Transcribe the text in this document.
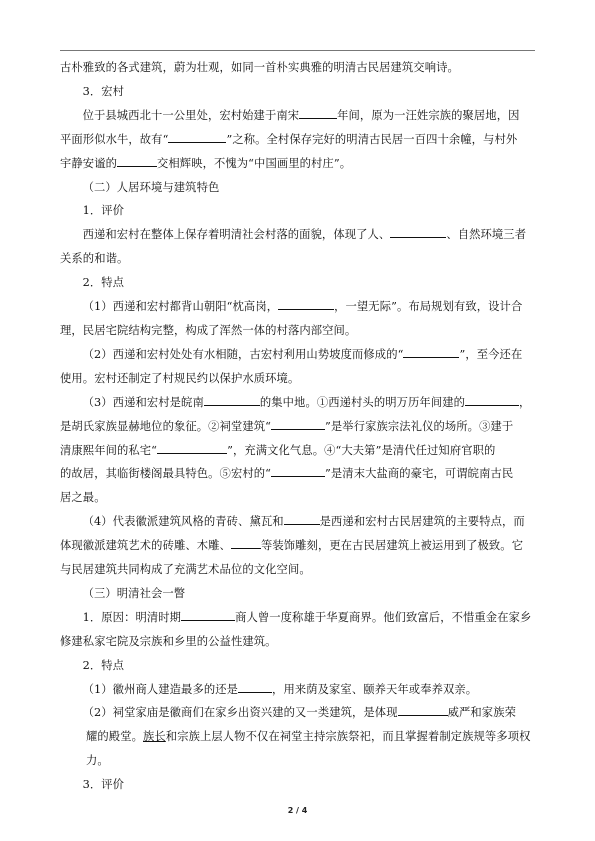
古朴雅致的各式建筑，蔚为壮观，如同一首朴实典雅的明清古民居建筑交响诗。

3．宏村

位于县城西北十一公里处，宏村始建于南宋	年间，原为一汪姓宗族的聚居地，因

平面形似水牛，故有“	”之称。全村保存完好的明清古民居一百四十余幢，与村外

宇静安谧的	交相辉映，不愧为“中国画里的村庄”。

（二）人居环境与建筑特色

1．评价

西递和宏村在整体上保存着明清社会村落的面貌，体现了人、	、自然环境三者

关系的和谐。

2．特点

（1）西递和宏村都背山朝阳“枕高岗，	，一望无际”。布局规划有致，设计合

理，民居宅院结构完整，构成了浑然一体的村落内部空间。

（2）西递和宏村处处有水相随，古宏村利用山势坡度而修成的“	”，至今还在

使用。宏村还制定了村规民约以保护水质环境。

（3）西递和宏村是皖南	的集中地。①西递村头的明万历年间建的	，

是胡氏家族显赫地位的象征。②祠堂建筑“	”是举行家族宗法礼仪的场所。③建于

清康熙年间的私宅“	”，充满文化气息。④“大夫第”是清代任过知府官职的

的故居，其临街楼阁最具特色。⑤宏村的“	”是清末大盐商的豪宅，可谓皖南古民

居之最。

（4）代表徽派建筑风格的青砖、黛瓦和	是西递和宏村古民居建筑的主要特点，而

体现徽派建筑艺术的砖雕、木雕、	等装饰雕刻，更在古民居建筑上被运用到了极致。它

与民居建筑共同构成了充满艺术品位的文化空间。

（三）明清社会一瞥

1．原因：明清时期	商人曾一度称雄于华夏商界。他们致富后，不惜重金在家乡

修建私家宅院及宗族和乡里的公益性建筑。

2．特点

（1）徽州商人建造最多的还是	，用来荫及家室、颐养天年或奉养双亲。

（2）祠堂家庙是徽商们在家乡出资兴建的又一类建筑，是体现	威严和家族荣

耀的殿堂。族长和宗族上层人物不仅在祠堂主持宗族祭祀，而且掌握着制定族规等多项权

力。

3．评价

2 / 4
